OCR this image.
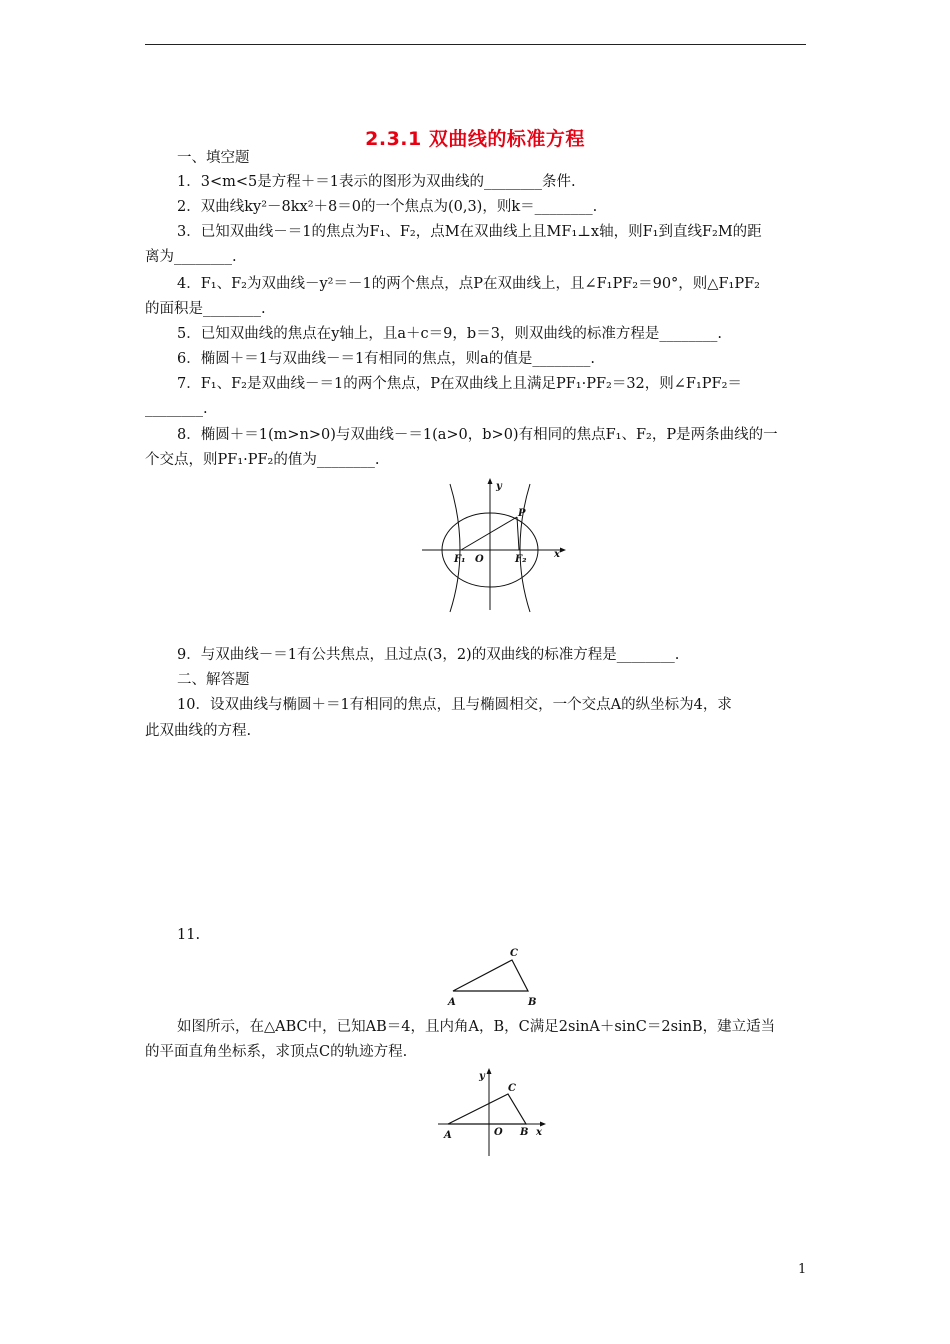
2.3.1 双曲线的标准方程
一、填空题
1．3<m<5是方程＋＝1表示的图形为双曲线的________条件.
2．双曲线ky²－8kx²＋8＝0的一个焦点为(0,3)，则k＝________.
3．已知双曲线－＝1的焦点为F₁、F₂，点M在双曲线上且MF₁⊥x轴，则F₁到直线F₂M的距
离为________.
4．F₁、F₂为双曲线－y²＝－1的两个焦点，点P在双曲线上，且∠F₁PF₂＝90°，则△F₁PF₂
的面积是________.
5．已知双曲线的焦点在y轴上，且a＋c＝9，b＝3，则双曲线的标准方程是________.
6．椭圆＋＝1与双曲线－＝1有相同的焦点，则a的值是________.
7．F₁、F₂是双曲线－＝1的两个焦点，P在双曲线上且满足PF₁·PF₂＝32，则∠F₁PF₂＝
________.
8．椭圆＋＝1(m>n>0)与双曲线－＝1(a>0，b>0)有相同的焦点F₁、F₂，P是两条曲线的一
个交点，则PF₁·PF₂的值为________.
y
P
F₁ O	F₂	x
9．与双曲线－＝1有公共焦点，且过点(3，2)的双曲线的标准方程是________.
二、解答题
10．设双曲线与椭圆＋＝1有相同的焦点，且与椭圆相交，一个交点A的纵坐标为4，求
此双曲线的方程.
11.
C
A	B
如图所示，在△ABC中，已知AB＝4，且内角A，B，C满足2sinA＋sinC＝2sinB，建立适当
的平面直角坐标系，求顶点C的轨迹方程.
y
C
A	O B x
1
